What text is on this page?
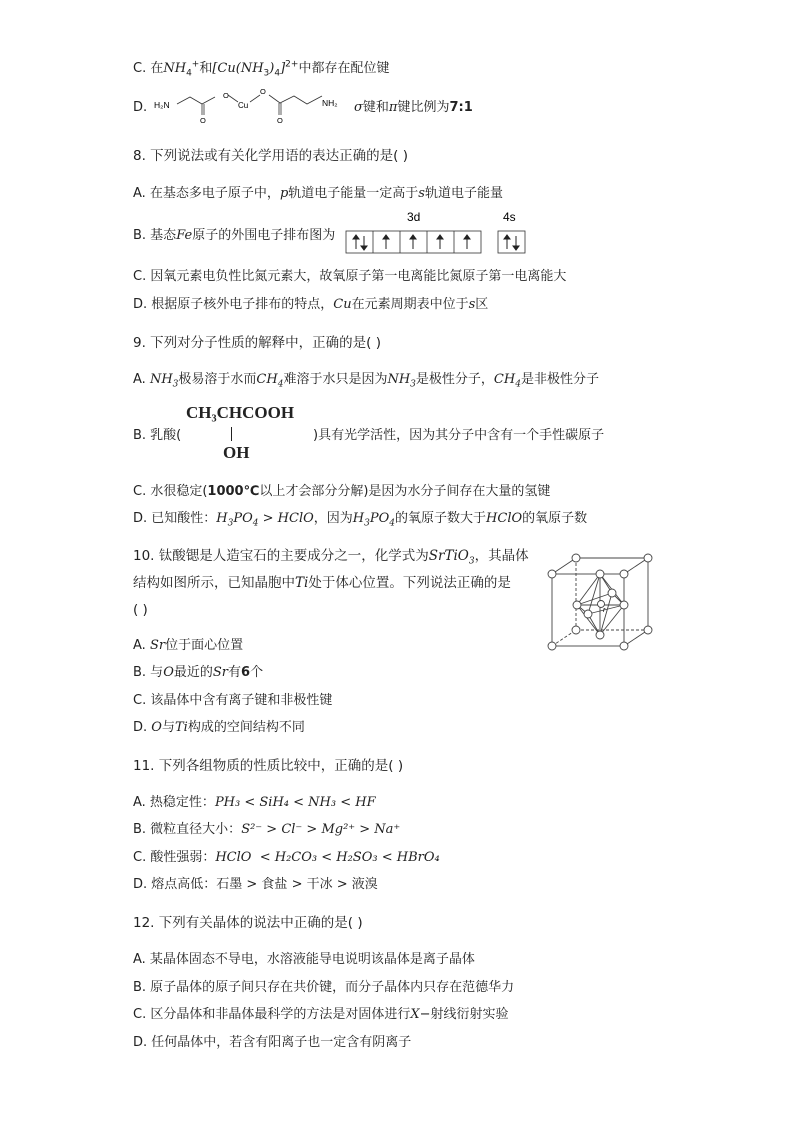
C. 在$NH_4^+$和$[Cu(NH_3)_4]^{2+}$中都存在配位键
D. H₂N
O
O
Cu
O
O
NH₂ σ键和π键比例为7:1
8. 下列说法或有关化学用语的表达正确的是( )
A. 在基态多电子原子中，p轨道电子能量一定高于s轨道电子能量
B. 基态Fe原子的外围电子排布图为
3d	4s
C. 因氧元素电负性比氮元素大，故氧原子第一电离能比氮原子第一电离能大
D. 根据原子核外电子排布的特点，Cu在元素周期表中位于s区
9. 下列对分子性质的解释中，正确的是( )
A. $NH_3$极易溶于水而$CH_4$难溶于水只是因为$NH_3$是极性分子，$CH_4$是非极性分子
B. 乳酸(
CH₃CHCOOH
OH
)具有光学活性，因为其分子中含有一个手性碳原子
C. 水很稳定(1000℃以上才会部分分解)是因为水分子间存在大量的氢键
D. 已知酸性：$H_3PO_4$ > HClO，因为$H_3PO_4$的氧原子数大于HClO的氧原子数
10. 钛酸锶是人造宝石的主要成分之一，化学式为SrTiO$_3$，其晶体
结构如图所示，已知晶胞中Ti处于体心位置。下列说法正确的是
( )	r
A. Sr位于面心位置
B. 与O最近的Sr有6个
C. 该晶体中含有离子键和非极性键
D. O与Ti构成的空间结构不同
11. 下列各组物质的性质比较中，正确的是( )
A. 热稳定性：PH₃ < SiH₄ < NH₃ < HF
B. 微粒直径大小：S²⁻ > Cl⁻ > Mg²⁺ > Na⁺
C. 酸性强弱：HClO  < H₂CO₃ < H₂SO₃ < HBrO₄
D. 熔点高低：石墨 > 食盐 > 干冰 > 液溴
12. 下列有关晶体的说法中正确的是( )
A. 某晶体固态不导电，水溶液能导电说明该晶体是离子晶体
B. 原子晶体的原子间只存在共价键，而分子晶体内只存在范德华力
C. 区分晶体和非晶体最科学的方法是对固体进行X−射线衍射实验
D. 任何晶体中，若含有阳离子也一定含有阴离子
